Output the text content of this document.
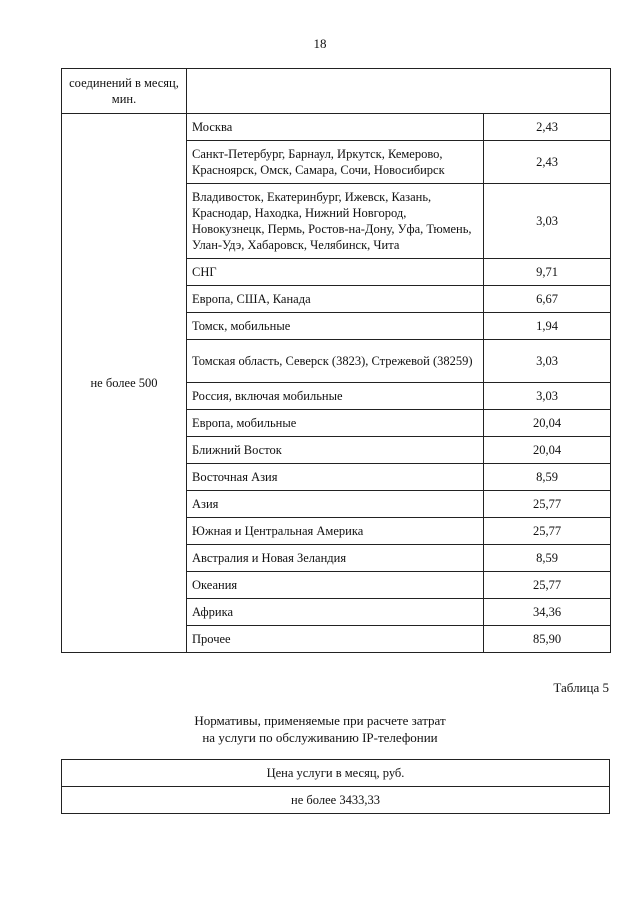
18
соединений в месяц, мин.		
не более 500	Москва	2,43
	Санкт-Петербург, Барнаул, Иркутск, Кемерово, Красноярск, Омск, Самара, Сочи, Новосибирск	2,43
	Владивосток, Екатеринбург, Ижевск, Казань, Краснодар, Находка, Нижний Новгород, Новокузнецк, Пермь, Ростов-на-Дону, Уфа, Тюмень, Улан-Удэ, Хабаровск, Челябинск, Чита	3,03
	СНГ	9,71
	Европа, США, Канада	6,67
	Томск, мобильные	1,94
	Томская область, Северск (3823), Стрежевой (38259)	3,03
	Россия, включая мобильные	3,03
	Европа, мобильные	20,04
	Ближний Восток	20,04
	Восточная Азия	8,59
	Азия	25,77
	Южная и Центральная Америка	25,77
	Австралия и Новая Зеландия	8,59
	Океания	25,77
	Африка	34,36
	Прочее	85,90
Таблица 5
Нормативы, применяемые при расчете затрат
на услуги по обслуживанию IP-телефонии
Цена услуги в месяц, руб.
не более 3433,33
